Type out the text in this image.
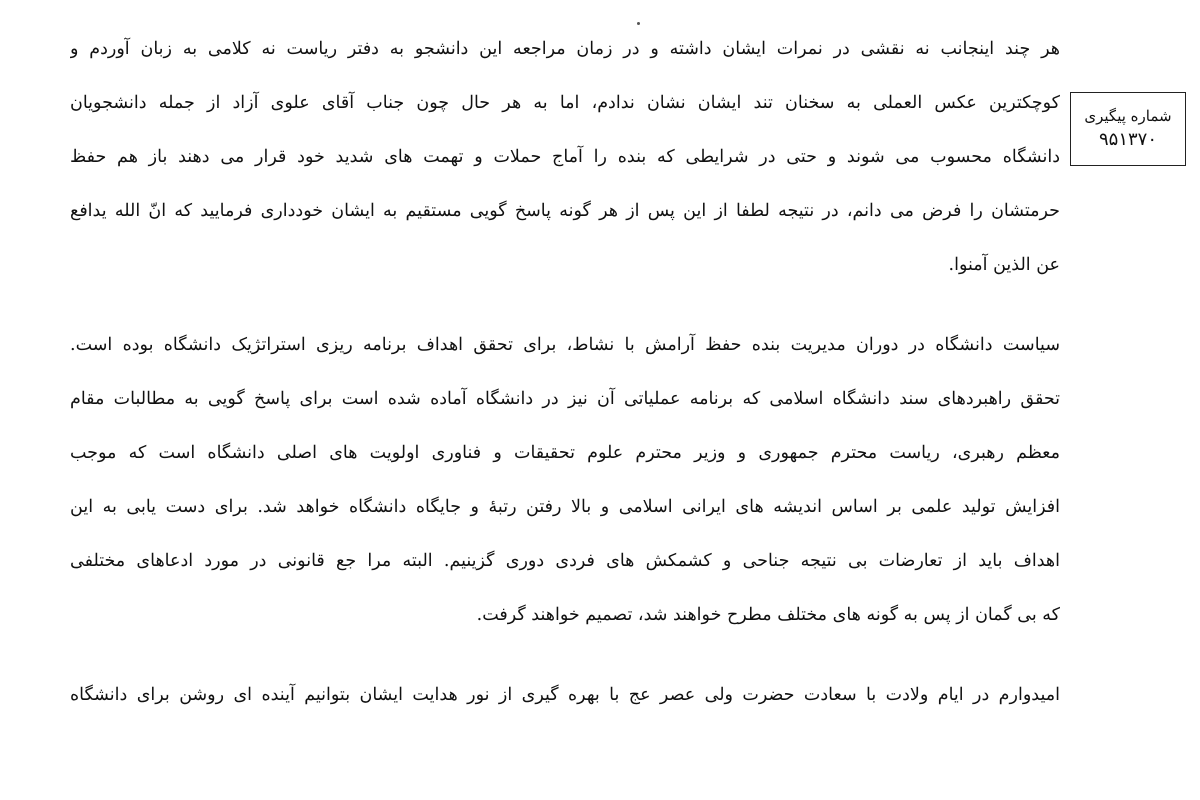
شماره پیگیری
۹۵۱۳۷۰
هر چند اینجانب نه نقشی در نمرات ایشان داشته و در زمان مراجعه این دانشجو به دفتر ریاست نه کلامی به زبان آوردم و
کوچکترین عکس العملی به سخنان تند ایشان نشان ندادم، اما به هر حال چون جناب آقای علوی آزاد از جمله دانشجویان
دانشگاه محسوب می شوند و حتی در شرایطی که بنده را آماج حملات و تهمت های شدید خود قرار می دهند باز هم حفظ
حرمتشان را فرض می دانم، در نتیجه لطفا از این پس از هر گونه پاسخ گویی مستقیم به ایشان خودداری فرمایید که انّ الله یدافع
عن الذین آمنوا.
سیاست دانشگاه در دوران مدیریت بنده حفظ آرامش با نشاط، برای تحقق اهداف برنامه ریزی استراتژیک دانشگاه بوده است.
تحقق راهبردهای سند دانشگاه اسلامی که برنامه عملیاتی آن نیز در دانشگاه آماده شده است برای پاسخ گویی به مطالبات مقام
معظم رهبری، ریاست محترم جمهوری و وزیر محترم علوم تحقیقات و فناوری اولویت های اصلی دانشگاه است که موجب
افزایش تولید علمی بر اساس اندیشه های ایرانی اسلامی و بالا رفتن رتبهٔ و جایگاه دانشگاه خواهد شد. برای دست یابی به این
اهداف باید از تعارضات بی نتیجه جناحی و کشمکش های فردی دوری گزینیم. البته مرا جع قانونی در مورد ادعاهای مختلفی
که بی گمان از پس به گونه های مختلف مطرح خواهند شد، تصمیم خواهند گرفت.
امیدوارم در ایام ولادت با سعادت حضرت ولی عصر عج با بهره گیری از نور هدایت ایشان بتوانیم آینده ای روشن برای دانشگاه
